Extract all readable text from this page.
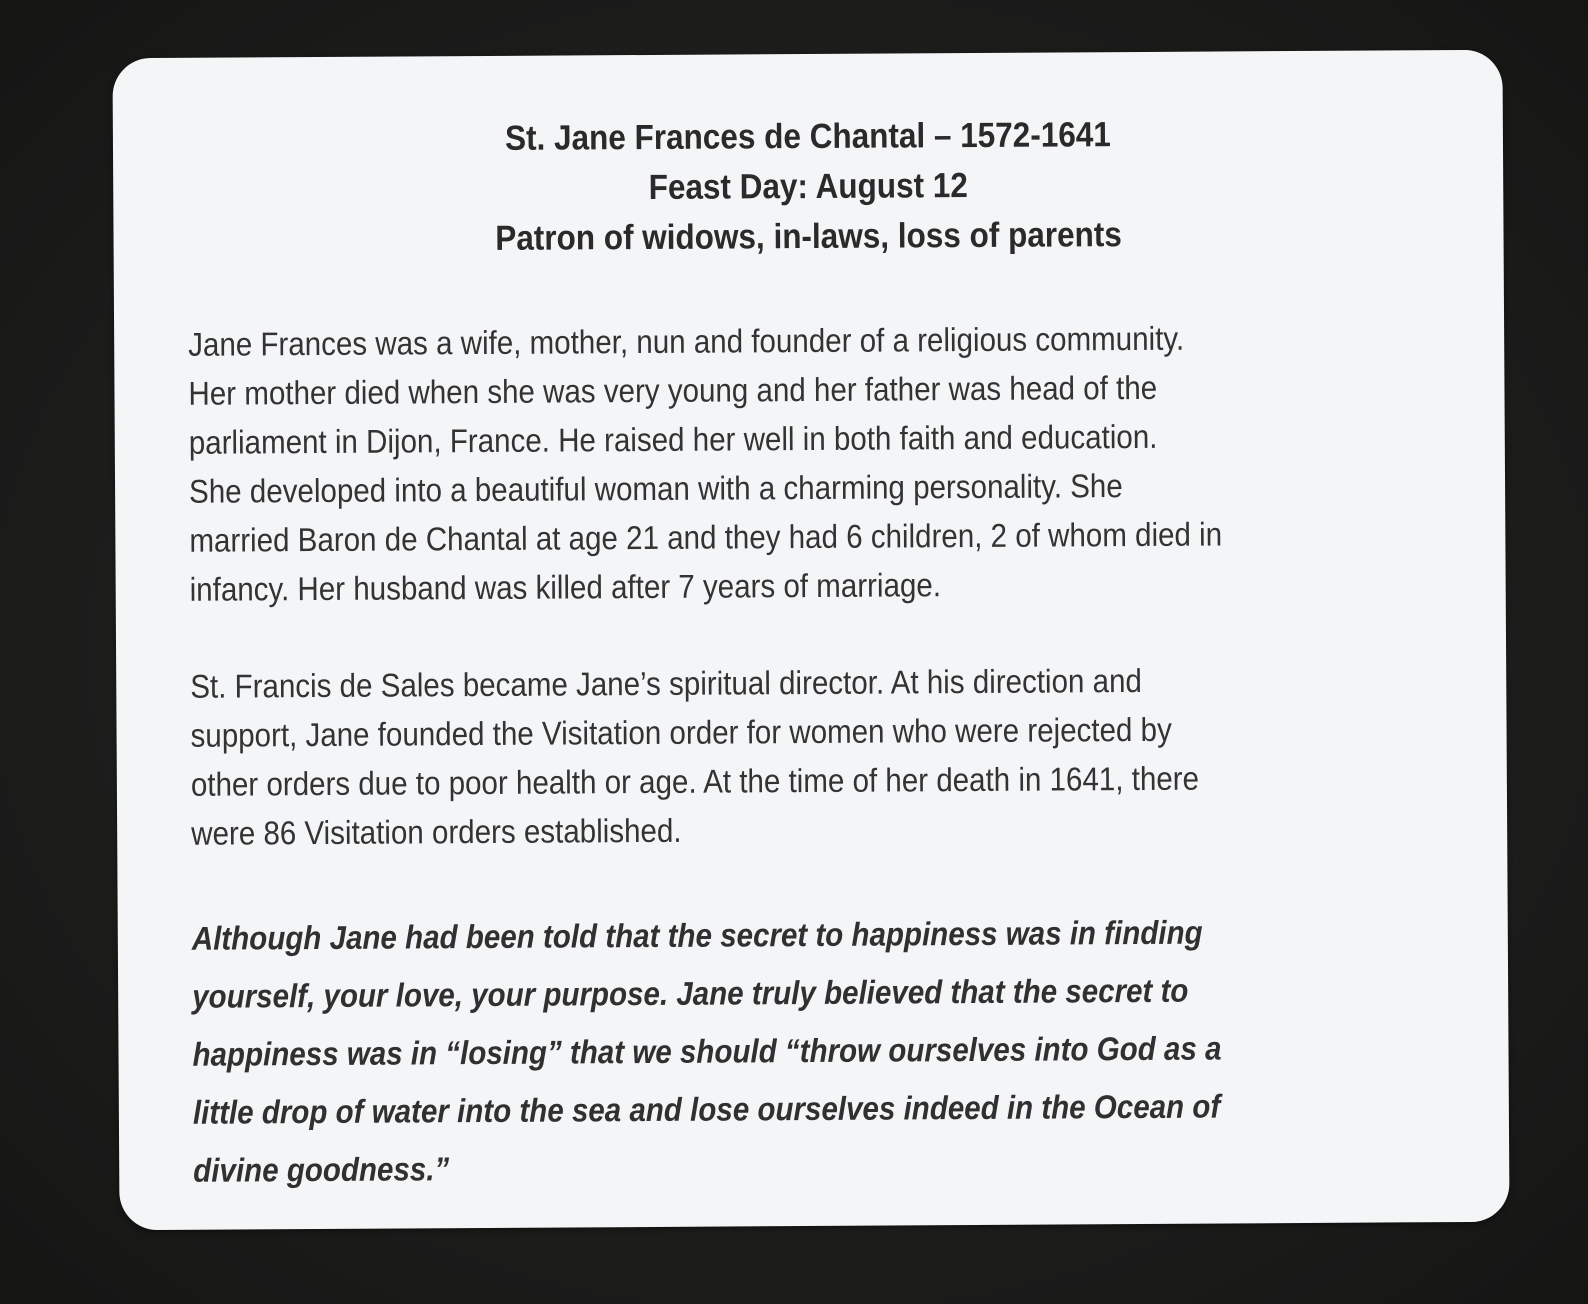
St. Jane Frances de Chantal – 1572-1641
Feast Day: August 12
Patron of widows, in-laws, loss of parents
Jane Frances was a wife, mother, nun and founder of a religious community.
Her mother died when she was very young and her father was head of the
parliament in Dijon, France. He raised her well in both faith and education.
She developed into a beautiful woman with a charming personality. She
married Baron de Chantal at age 21 and they had 6 children, 2 of whom died in
infancy. Her husband was killed after 7 years of marriage.
St. Francis de Sales became Jane’s spiritual director. At his direction and
support, Jane founded the Visitation order for women who were rejected by
other orders due to poor health or age. At the time of her death in 1641, there
were 86 Visitation orders established.
Although Jane had been told that the secret to happiness was in finding
yourself, your love, your purpose. Jane truly believed that the secret to
happiness was in “losing” that we should “throw ourselves into God as a
little drop of water into the sea and lose ourselves indeed in the Ocean of
divine goodness.”
